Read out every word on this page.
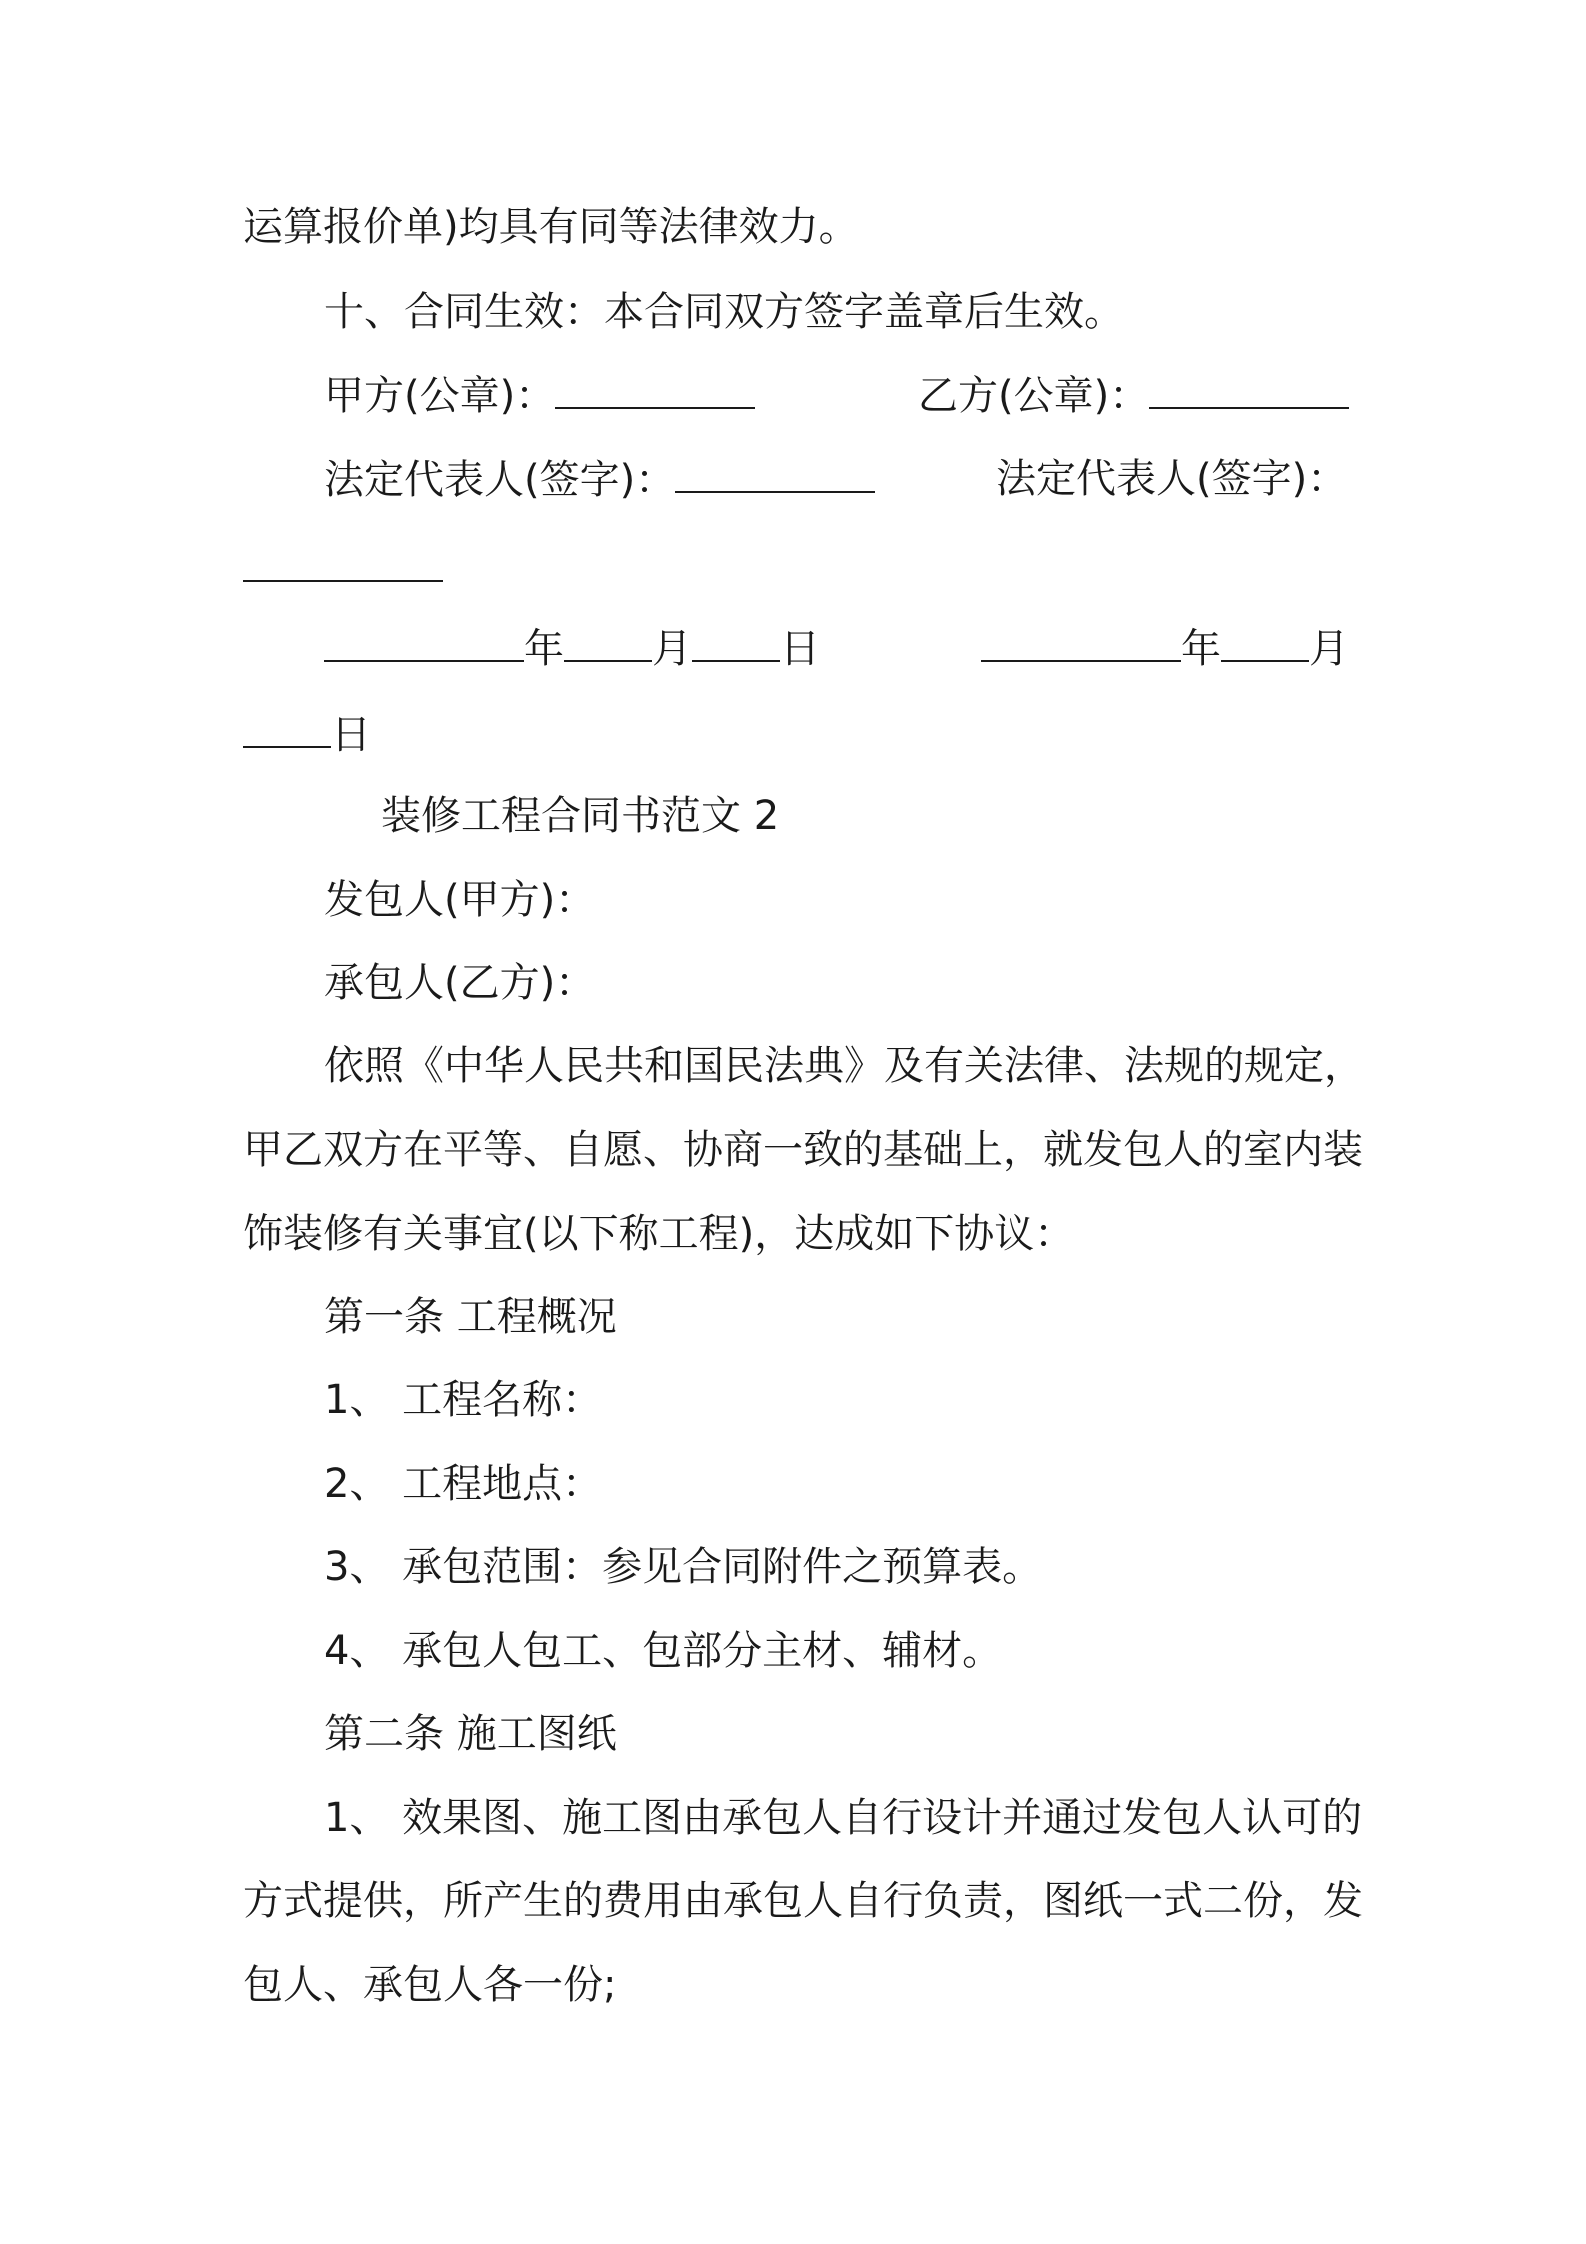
运算报价单)均具有同等法律效力。
十、合同生效：本合同双方签字盖章后生效。
甲方(公章)：	乙方(公章)：
法定代表人(签字)：	法定代表人(签字)：
年 月 日	年 月
日
装修工程合同书范文 2
发包人(甲方)：
承包人(乙方)：
依照《中华人民共和国民法典》及有关法律、法规的规定，
甲乙双方在平等、自愿、协商一致的基础上，就发包人的室内装
饰装修有关事宜(以下称工程)，达成如下协议：
第一条 工程概况
1、 工程名称：
2、 工程地点：
3、 承包范围：参见合同附件之预算表。
4、 承包人包工、包部分主材、辅材。
第二条 施工图纸
1、 效果图、施工图由承包人自行设计并通过发包人认可的
方式提供，所产生的费用由承包人自行负责，图纸一式二份，发
包人、承包人各一份;
